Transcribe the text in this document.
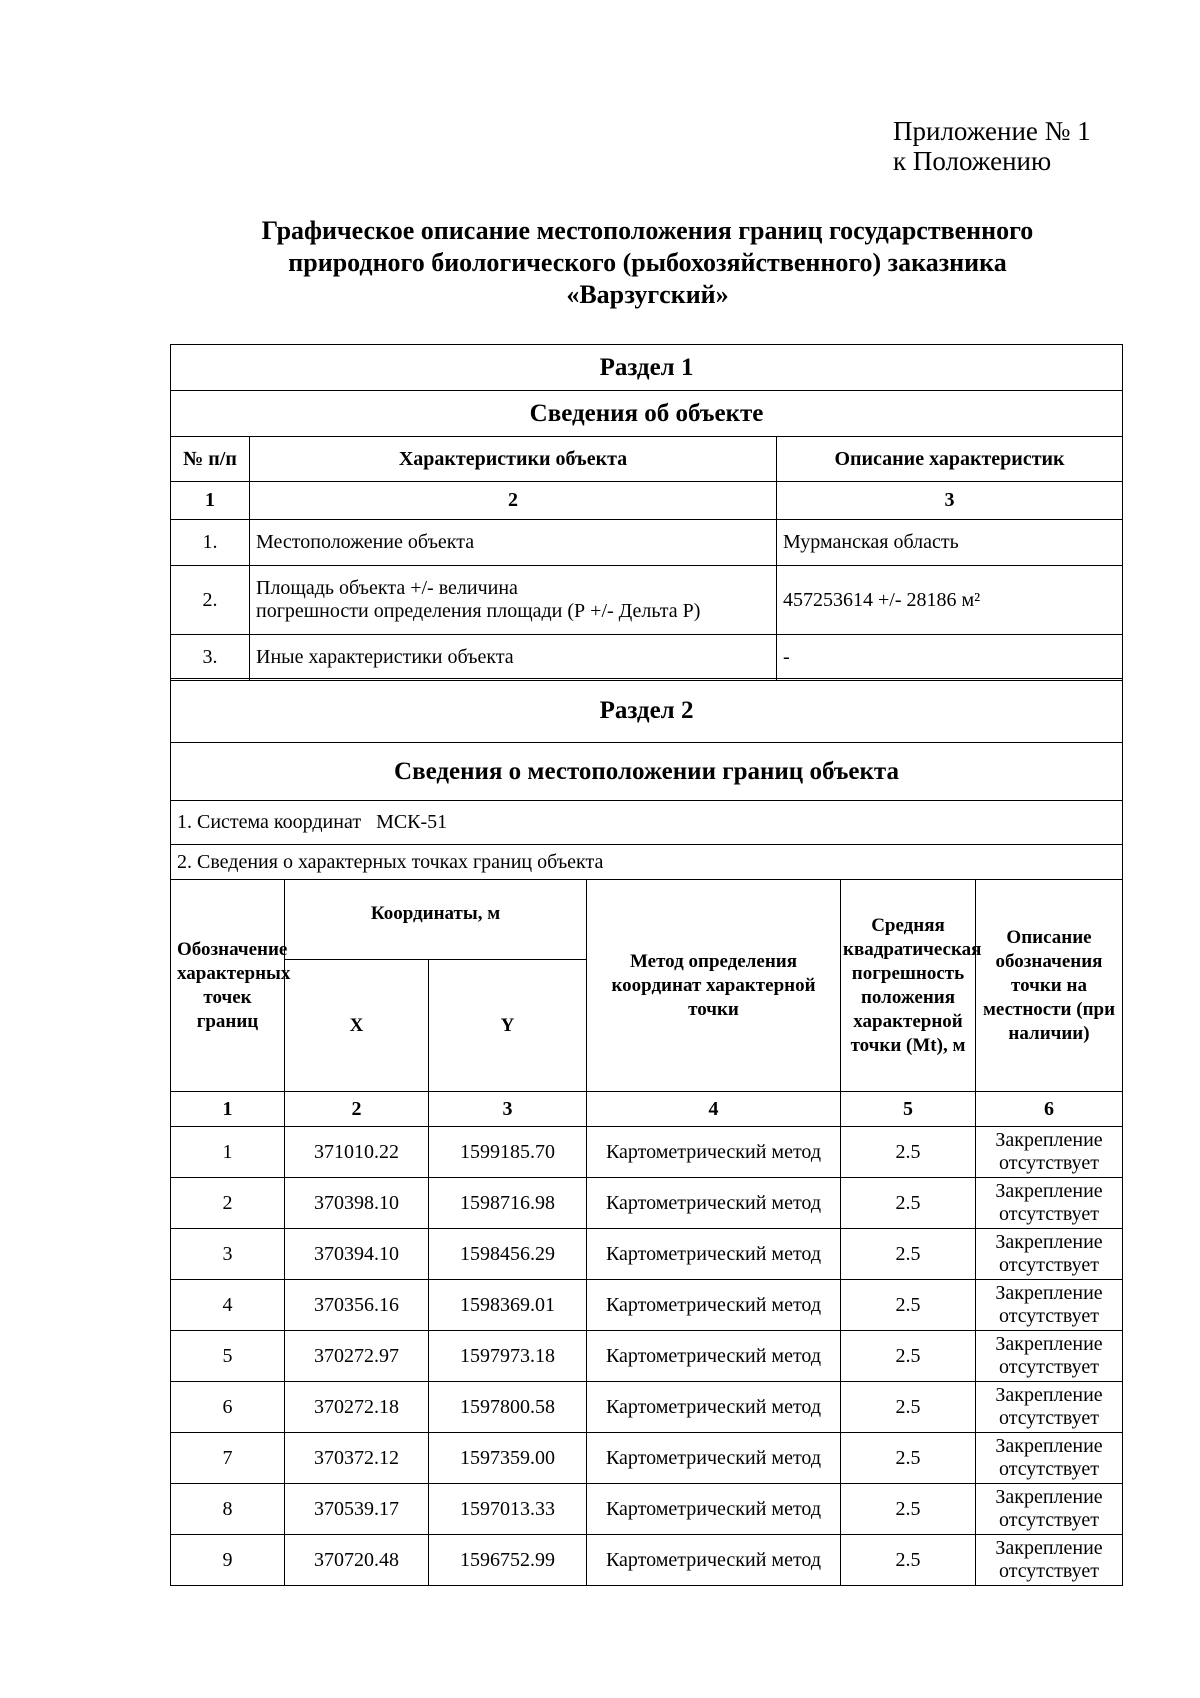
Приложение № 1
к Положению
Графическое описание местоположения границ государственного
природного биологического (рыбохозяйственного) заказника
«Варзугский»
Раздел 1		
Сведения об объекте		
№ п/п	Характеристики объекта	Описание характеристик
1	2	3
1.	Местоположение объекта	Мурманская область
2.	Площадь объекта +/- величина
погрешности определения площади (Р +/- Дельта Р)	457253614 +/- 28186 м²
3.	Иные характеристики объекта	-
Раздел 2					
Сведения о местоположении границ объекта					
1. Система координат МСК-51					
2. Сведения о характерных точках границ объекта					
Обозначение характерных точек границ	Координаты, м		Метод определения координат характерной точки	Средняя квадратическая погрешность положения характерной точки (Мt), м	Описание обозначения точки на местности (при наличии)
	X	Y			
1	2	3	4	5	6
1	371010.22	1599185.70	Картометрический метод	2.5	Закрепление
отсутствует

2	370398.10	1598716.98	Картометрический метод	2.5	Закрепление
отсутствует

3	370394.10	1598456.29	Картометрический метод	2.5	Закрепление
отсутствует

4	370356.16	1598369.01	Картометрический метод	2.5	Закрепление
отсутствует

5	370272.97	1597973.18	Картометрический метод	2.5	Закрепление
отсутствует

6	370272.18	1597800.58	Картометрический метод	2.5	Закрепление
отсутствует

7	370372.12	1597359.00	Картометрический метод	2.5	Закрепление
отсутствует

8	370539.17	1597013.33	Картометрический метод	2.5	Закрепление
отсутствует

9	370720.48	1596752.99	Картометрический метод	2.5	Закрепление
отсутствует
